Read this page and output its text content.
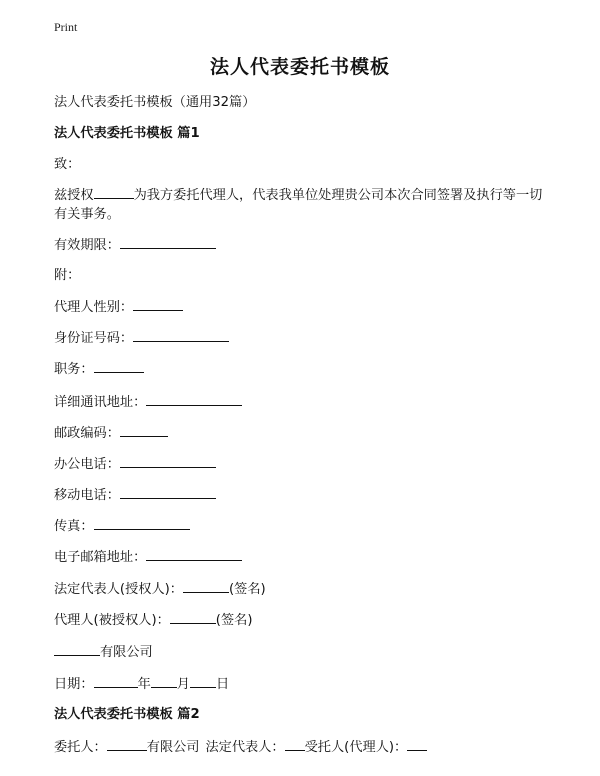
Print
法人代表委托书模板
法人代表委托书模板（通用32篇）
法人代表委托书模板 篇1
致：
兹授权	为我方委托代理人，代表我单位处理贵公司本次合同签署及执行等一切有关事务。
有效期限：
附：
代理人性别：
身份证号码：
职务：
详细通讯地址：
邮政编码：
办公电话：
移动电话：
传真：
电子邮箱地址：
法定代表人(授权人)：	(签名)
代理人(被授权人)：	(签名)
有限公司
日期：	年 月 日
法人代表委托书模板 篇2
委托人：	有限公司 法定代表人： 受托人(代理人)：
